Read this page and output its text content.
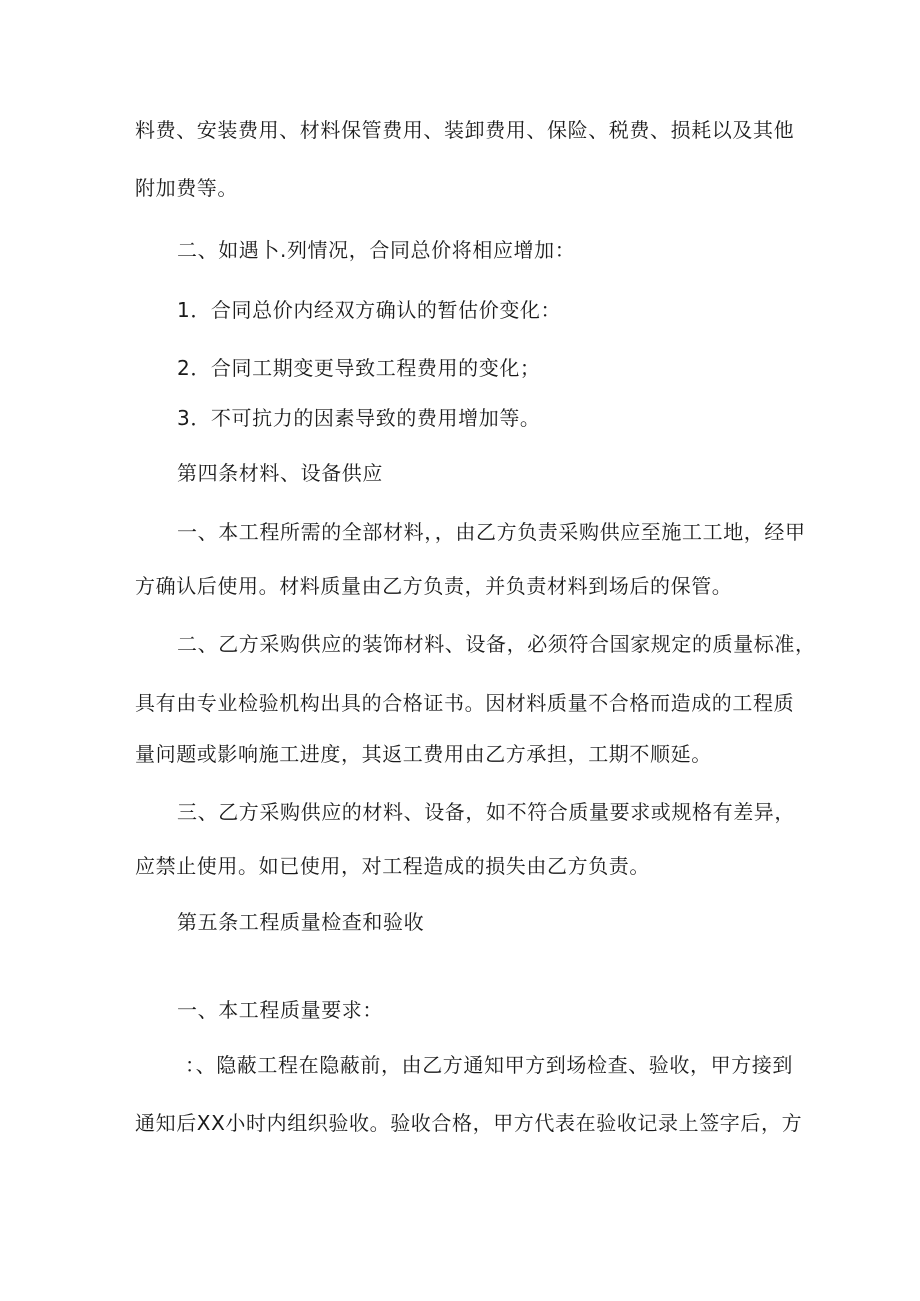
料费、安装费用、材料保管费用、装卸费用、保险、税费、损耗以及其他
附加费等。
二、如遇卜.列情况，合同总价将相应增加：
1．合同总价内经双方确认的暂估价变化：
2．合同工期变更导致工程费用的变化；
3．不可抗力的因素导致的费用增加等。
第四条材料、设备供应
一、本工程所需的全部材料，，由乙方负责采购供应至施工工地，经甲
方确认后使用。材料质量由乙方负责，并负责材料到场后的保管。
二、乙方采购供应的装饰材料、设备，必须符合国家规定的质量标准，
具有由专业检验机构出具的合格证书。因材料质量不合格而造成的工程质
量问题或影响施工进度，其返工费用由乙方承担，工期不顺延。
三、乙方采购供应的材料、设备，如不符合质量要求或规格有差异，
应禁止使用。如已使用，对工程造成的损失由乙方负责。
第五条工程质量检查和验收
一、本工程质量要求：
：、隐蔽工程在隐蔽前，由乙方通知甲方到场检查、验收，甲方接到
通知后XX小时内组织验收。验收合格，甲方代表在验收记录上签字后，方
